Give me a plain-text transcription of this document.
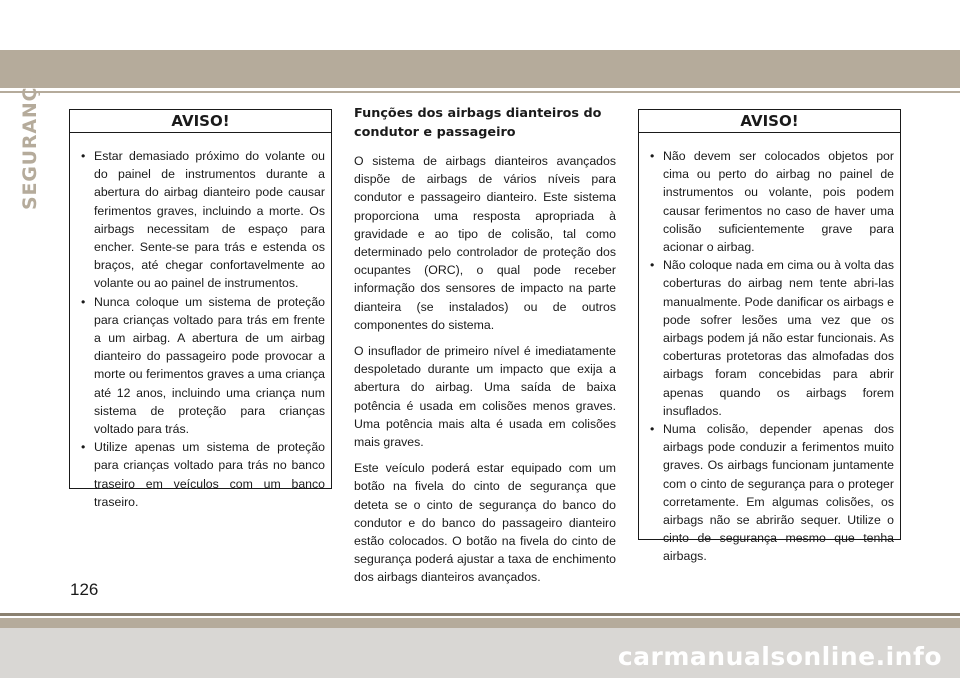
SEGURANÇA	AVISO!
• Estar demasiado próximo do volante ou do painel de instrumentos durante a abertura do airbag dianteiro pode causar ferimentos graves, incluindo a morte. Os airbags necessitam de espaço para encher. Sente-se para trás e estenda os braços, até chegar confortavelmente ao volante ou ao painel de instrumentos.
• Nunca coloque um sistema de proteção para crianças voltado para trás em frente a um airbag. A abertura de um airbag dianteiro do passageiro pode provocar a morte ou ferimentos graves a uma criança até 12 anos, incluindo uma criança num sistema de proteção para crianças voltado para trás.
• Utilize apenas um sistema de proteção para crianças voltado para trás no banco traseiro em veículos com um banco traseiro.
Funções dos airbags dianteiros do condutor e passageiro

O sistema de airbags dianteiros avançados dispõe de airbags de vários níveis para condutor e passageiro dianteiro. Este sistema proporciona uma resposta apropriada à gravidade e ao tipo de colisão, tal como determinado pelo controlador de proteção dos ocupantes (ORC), o qual pode receber informação dos sensores de impacto na parte dianteira (se instalados) ou de outros componentes do sistema.

O insuflador de primeiro nível é imediatamente despoletado durante um impacto que exija a abertura do airbag. Uma saída de baixa potência é usada em colisões menos graves. Uma potência mais alta é usada em colisões mais graves.

Este veículo poderá estar equipado com um botão na fivela do cinto de segurança que deteta se o cinto de segurança do banco do condutor e do banco do passageiro dianteiro estão colocados. O botão na fivela do cinto de segurança poderá ajustar a taxa de enchimento dos airbags dianteiros avançados.

AVISO!
• Não devem ser colocados objetos por cima ou perto do airbag no painel de instrumentos ou volante, pois podem causar ferimentos no caso de haver uma colisão suficientemente grave para acionar o airbag.
• Não coloque nada em cima ou à volta das coberturas do airbag nem tente abri-las manualmente. Pode danificar os airbags e pode sofrer lesões uma vez que os airbags podem já não estar funcionais. As coberturas protetoras das almofadas dos airbags foram concebidas para abrir apenas quando os airbags forem insuflados.
• Numa colisão, depender apenas dos airbags pode conduzir a ferimentos muito graves. Os airbags funcionam juntamente com o cinto de segurança para o proteger corretamente. Em algumas colisões, os airbags não se abrirão sequer. Utilize o cinto de segurança mesmo que tenha airbags.
126
carmanualsonline.info
